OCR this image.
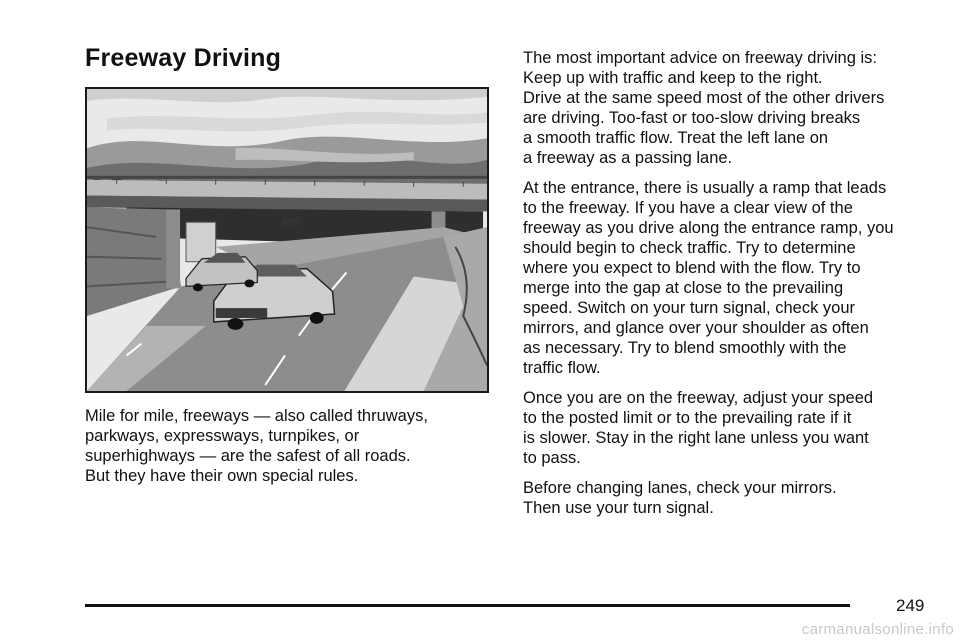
Freeway Driving

Mile for mile, freeways — also called thruways,
parkways, expressways, turnpikes, or
superhighways — are the safest of all roads.
But they have their own special rules.

The most important advice on freeway driving is:
Keep up with traffic and keep to the right.
Drive at the same speed most of the other drivers
are driving. Too-fast or too-slow driving breaks
a smooth traffic flow. Treat the left lane on
a freeway as a passing lane.

At the entrance, there is usually a ramp that leads
to the freeway. If you have a clear view of the
freeway as you drive along the entrance ramp, you
should begin to check traffic. Try to determine
where you expect to blend with the flow. Try to
merge into the gap at close to the prevailing
speed. Switch on your turn signal, check your
mirrors, and glance over your shoulder as often
as necessary. Try to blend smoothly with the
traffic flow.

Once you are on the freeway, adjust your speed
to the posted limit or to the prevailing rate if it
is slower. Stay in the right lane unless you want
to pass.

Before changing lanes, check your mirrors.
Then use your turn signal.

249
carmanualsonline.info
